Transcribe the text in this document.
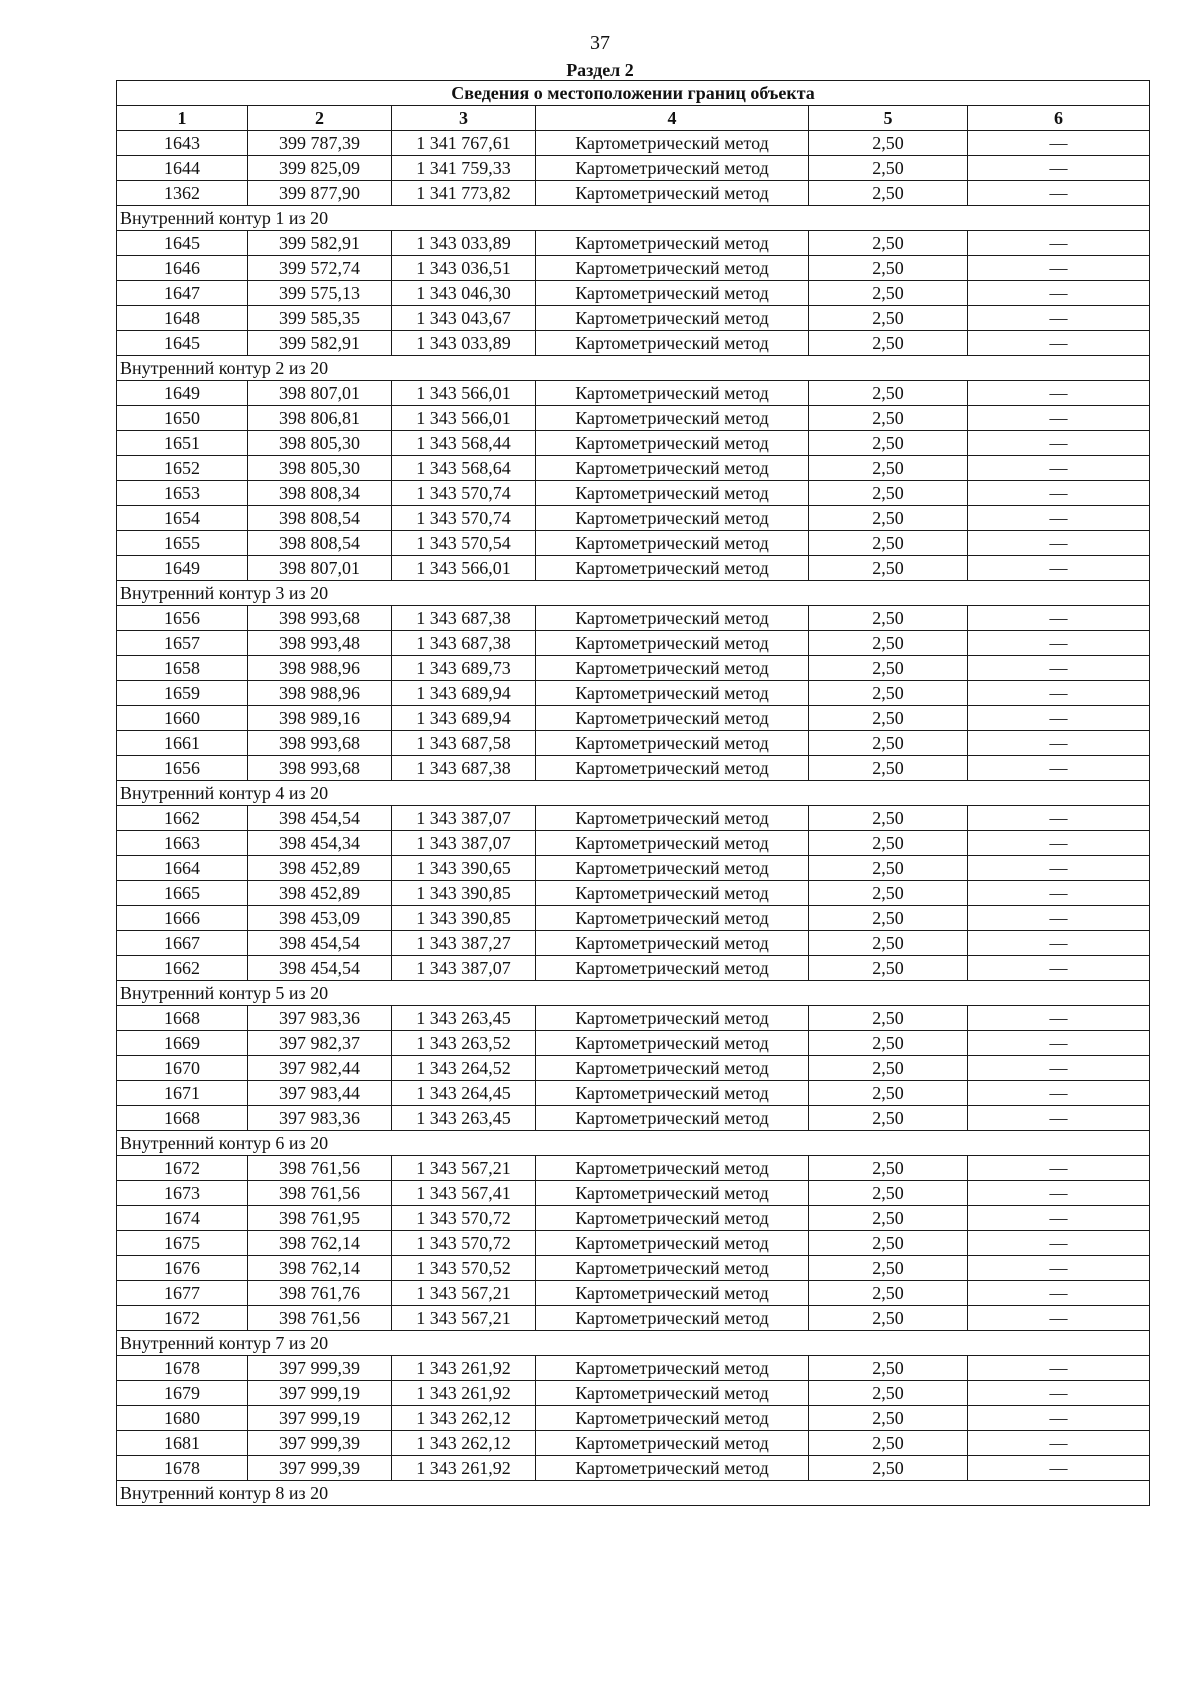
37
Раздел 2
Сведения о местоположении границ объекта					
1	2	3	4	5	6
1643	399 787,39	1 341 767,61	Картометрический метод	2,50	—
1644	399 825,09	1 341 759,33	Картометрический метод	2,50	—
1362	399 877,90	1 341 773,82	Картометрический метод	2,50	—
Внутренний контур 1 из 20					
1645	399 582,91	1 343 033,89	Картометрический метод	2,50	—
1646	399 572,74	1 343 036,51	Картометрический метод	2,50	—
1647	399 575,13	1 343 046,30	Картометрический метод	2,50	—
1648	399 585,35	1 343 043,67	Картометрический метод	2,50	—
1645	399 582,91	1 343 033,89	Картометрический метод	2,50	—
Внутренний контур 2 из 20					
1649	398 807,01	1 343 566,01	Картометрический метод	2,50	—
1650	398 806,81	1 343 566,01	Картометрический метод	2,50	—
1651	398 805,30	1 343 568,44	Картометрический метод	2,50	—
1652	398 805,30	1 343 568,64	Картометрический метод	2,50	—
1653	398 808,34	1 343 570,74	Картометрический метод	2,50	—
1654	398 808,54	1 343 570,74	Картометрический метод	2,50	—
1655	398 808,54	1 343 570,54	Картометрический метод	2,50	—
1649	398 807,01	1 343 566,01	Картометрический метод	2,50	—
Внутренний контур 3 из 20					
1656	398 993,68	1 343 687,38	Картометрический метод	2,50	—
1657	398 993,48	1 343 687,38	Картометрический метод	2,50	—
1658	398 988,96	1 343 689,73	Картометрический метод	2,50	—
1659	398 988,96	1 343 689,94	Картометрический метод	2,50	—
1660	398 989,16	1 343 689,94	Картометрический метод	2,50	—
1661	398 993,68	1 343 687,58	Картометрический метод	2,50	—
1656	398 993,68	1 343 687,38	Картометрический метод	2,50	—
Внутренний контур 4 из 20					
1662	398 454,54	1 343 387,07	Картометрический метод	2,50	—
1663	398 454,34	1 343 387,07	Картометрический метод	2,50	—
1664	398 452,89	1 343 390,65	Картометрический метод	2,50	—
1665	398 452,89	1 343 390,85	Картометрический метод	2,50	—
1666	398 453,09	1 343 390,85	Картометрический метод	2,50	—
1667	398 454,54	1 343 387,27	Картометрический метод	2,50	—
1662	398 454,54	1 343 387,07	Картометрический метод	2,50	—
Внутренний контур 5 из 20					
1668	397 983,36	1 343 263,45	Картометрический метод	2,50	—
1669	397 982,37	1 343 263,52	Картометрический метод	2,50	—
1670	397 982,44	1 343 264,52	Картометрический метод	2,50	—
1671	397 983,44	1 343 264,45	Картометрический метод	2,50	—
1668	397 983,36	1 343 263,45	Картометрический метод	2,50	—
Внутренний контур 6 из 20					
1672	398 761,56	1 343 567,21	Картометрический метод	2,50	—
1673	398 761,56	1 343 567,41	Картометрический метод	2,50	—
1674	398 761,95	1 343 570,72	Картометрический метод	2,50	—
1675	398 762,14	1 343 570,72	Картометрический метод	2,50	—
1676	398 762,14	1 343 570,52	Картометрический метод	2,50	—
1677	398 761,76	1 343 567,21	Картометрический метод	2,50	—
1672	398 761,56	1 343 567,21	Картометрический метод	2,50	—
Внутренний контур 7 из 20					
1678	397 999,39	1 343 261,92	Картометрический метод	2,50	—
1679	397 999,19	1 343 261,92	Картометрический метод	2,50	—
1680	397 999,19	1 343 262,12	Картометрический метод	2,50	—
1681	397 999,39	1 343 262,12	Картометрический метод	2,50	—
1678	397 999,39	1 343 261,92	Картометрический метод	2,50	—
Внутренний контур 8 из 20					
